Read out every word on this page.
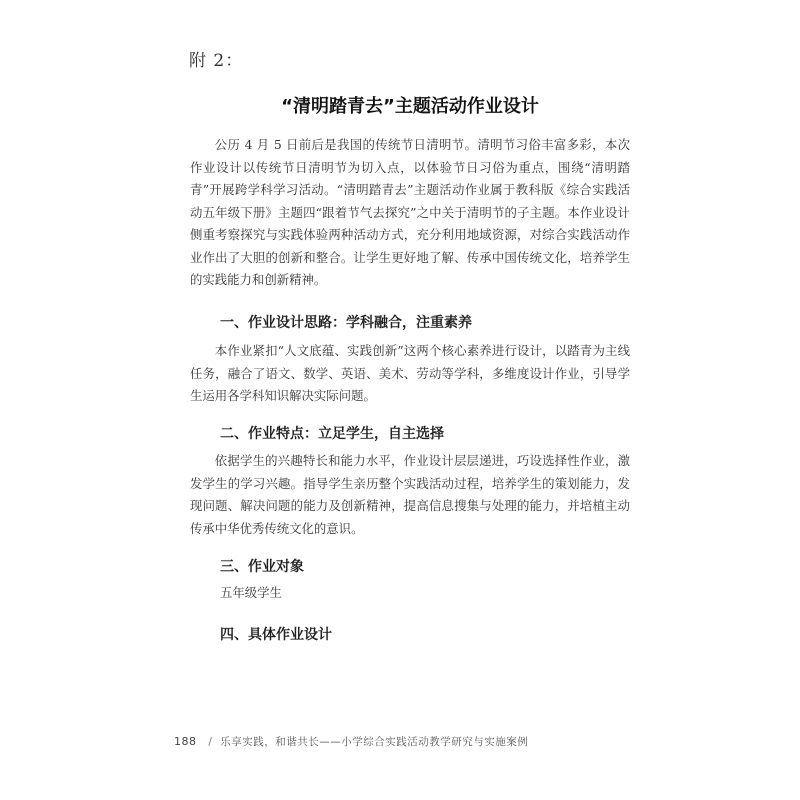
附 2：
“清明踏青去”主题活动作业设计

公历 4 月 5 日前后是我国的传统节日清明节。清明节习俗丰富多彩，本次作业设计以传统节日清明节为切入点，以体验节日习俗为重点，围绕“清明踏青”开展跨学科学习活动。“清明踏青去”主题活动作业属于教科版《综合实践活动五年级下册》主题四“跟着节气去探究”之中关于清明节的子主题。本作业设计侧重考察探究与实践体验两种活动方式，充分利用地域资源，对综合实践活动作业作出了大胆的创新和整合。让学生更好地了解、传承中国传统文化，培养学生的实践能力和创新精神。

一、作业设计思路：学科融合，注重素养

本作业紧扣“人文底蕴、实践创新”这两个核心素养进行设计，以踏青为主线任务，融合了语文、数学、英语、美术、劳动等学科，多维度设计作业，引导学生运用各学科知识解决实际问题。

二、作业特点：立足学生，自主选择

依据学生的兴趣特长和能力水平，作业设计层层递进，巧设选择性作业，激发学生的学习兴趣。指导学生亲历整个实践活动过程，培养学生的策划能力，发现问题、解决问题的能力及创新精神，提高信息搜集与处理的能力，并培植主动传承中华优秀传统文化的意识。

三、作业对象

五年级学生

四、具体作业设计
188 / 乐享实践，和谐共长——小学综合实践活动教学研究与实施案例
